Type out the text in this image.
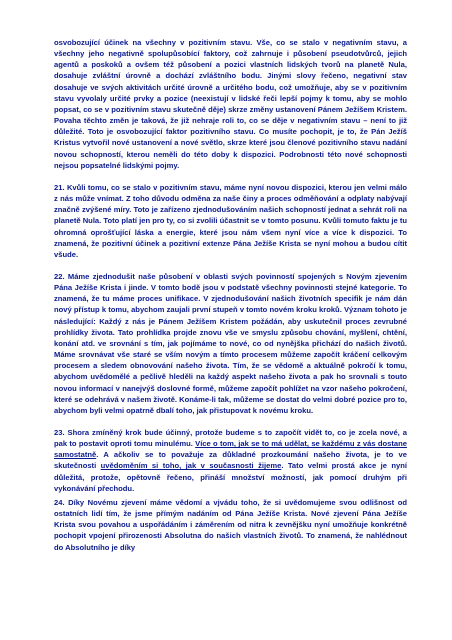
osvobozující účinek na všechny v pozitivním stavu. Vše, co se stalo v negativním stavu, a všechny jeho negativně spolupůsobící faktory, což zahrnuje i působení pseudotvůrců, jejich agentů a poskoků a ovšem též působení a pozici vlastních lidských tvorů na planetě Nula, dosahuje zvláštní úrovně a dochází zvláštního bodu. Jinými slovy řečeno, negativní stav dosahuje ve svých aktivitách určité úrovně a určitého bodu, což umožňuje, aby se v pozitivním stavu vyvolaly určité prvky a pozice (neexistují v lidské řeči lepší pojmy k tomu, aby se mohlo popsat, co se v pozitivním stavu skutečně děje) skrze změny ustanovení Pánem Ježíšem Kristem. Povaha těchto změn je taková, že již nehraje roli to, co se děje v negativním stavu – není to již důležité. Toto je osvobozující faktor pozitivního stavu. Co musíte pochopit, je to, že Pán Ježíš Kristus vytvořil nové ustanovení a nové světlo, skrze které jsou členové pozitivního stavu nadání novou schopností, kterou neměli do této doby k dispozici. Podrobnosti této nové schopnosti nejsou popsatelné lidskými pojmy.

21. Kvůli tomu, co se stalo v pozitivním stavu, máme nyní novou dispozici, kterou jen velmi málo z nás může vnímat. Z toho důvodu odměna za naše činy a proces odměňování a odplaty nabývají značně zvýšené míry. Toto je zařízeno zjednodušováním našich schopností jednat a sehrát roli na planetě Nula. Toto platí jen pro ty, co si zvolili účastnit se v tomto posunu. Kvůli tomuto faktu je tu ohromná oprošťující láska a energie, které jsou nám všem nyní více a více k dispozici. To znamená, že pozitivní účinek a pozitivní extenze Pána Ježíše Krista se nyní mohou a budou cítit všude.

22. Máme zjednodušit naše působení v oblasti svých povinností spojených s Novým zjevením Pána Ježíše Krista i jinde. V tomto bodě jsou v podstatě všechny povinnosti stejné kategorie. To znamená, že tu máme proces unifikace. V zjednodušování našich životních specifik je nám dán nový přístup k tomu, abychom zaujali první stupeň v tomto novém kroku kroků. Význam tohoto je následující: Každý z nás je Pánem Ježíšem Kristem požádán, aby uskutečnil proces zevrubné prohlídky života. Tato prohlídka projde znovu vše ve smyslu způsobu chování, myšlení, chtění, konání atd. ve srovnání s tím, jak pojímáme to nové, co od nynějška přichází do našich životů. Máme srovnávat vše staré se vším novým a tímto procesem můžeme započít kráčení celkovým procesem a sledem obnovování našeho života. Tím, že se vědomě a aktuálně pokročí k tomu, abychom uvědomělé a pečlivě hleděli na každý aspekt našeho života a pak ho srovnali s touto novou informací v nanejvýš doslovné formě, můžeme započít pohlížet na vzor našeho pokročení, které se odehrává v našem životě. Konáme-li tak, můžeme se dostat do velmi dobré pozice pro to, abychom byli velmi opatrně dbalí toho, jak přistupovat k novému kroku.

23. Shora zmíněný krok bude účinný, protože budeme s to započít vidět to, co je zcela nové, a pak to postavit oproti tomu minulému. Více o tom, jak se to má udělat, se každému z vás dostane samostatně. A ačkoliv se to považuje za důkladné prozkoumání našeho života, je to ve skutečnosti uvědoměním si toho, jak v současnosti žijeme. Tato velmi prostá akce je nyní důležitá, protože, opětovně řečeno, přináší množství možností, jak pomocí druhým při vykonávání přechodu.

24. Díky Novému zjevení máme vědomí a vjvádu toho, že si uvědomujeme svou odlišnost od ostatních lidí tím, že jsme přímým nadáním od Pána Ježíše Krista. Nové zjevení Pána Ježíše Krista svou povahou a uspořádáním i záměrením od nitra k zevnějšku nyní umožňuje konkrétně pochopit vpojení přirozenosti Absolutna do našich vlastních životů. To znamená, že nahlédnout do Absolutního je díky
